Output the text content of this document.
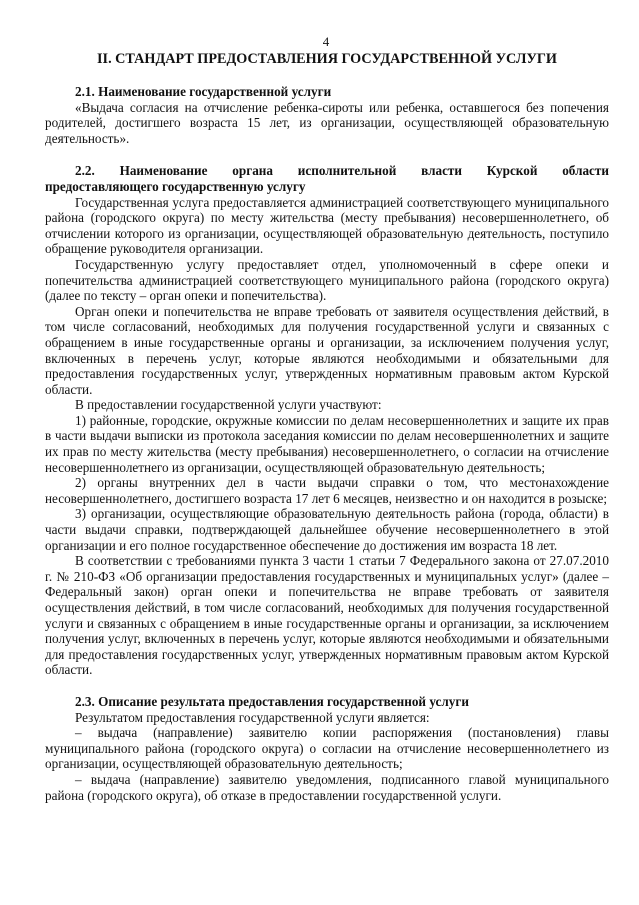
4
II. СТАНДАРТ ПРЕДОСТАВЛЕНИЯ ГОСУДАРСТВЕННОЙ УСЛУГИ
2.1. Наименование государственной услуги

«Выдача согласия на отчисление ребенка-сироты или ребенка, оставшегося без попечения родителей, достигшего возраста 15 лет, из организации, осуществляющей образовательную деятельность».

2.2. Наименование органа исполнительной власти Курской области
предоставляющего государственную услугу

Государственная услуга предоставляется администрацией соответствующего муниципального района (городского округа) по месту жительства (месту пребывания) несовершеннолетнего, об отчислении которого из организации, осуществляющей образовательную деятельность, поступило обращение руководителя организации.

Государственную услугу предоставляет отдел, уполномоченный в сфере опеки и попечительства администрацией соответствующего муниципального района (городского округа) (далее по тексту – орган опеки и попечительства).

Орган опеки и попечительства не вправе требовать от заявителя осуществления действий, в том числе согласований, необходимых для получения государственной услуги и связанных с обращением в иные государственные органы и организации, за исключением получения услуг, включенных в перечень услуг, которые являются необходимыми и обязательными для предоставления государственных услуг, утвержденных нормативным правовым актом Курской области.

В предоставлении государственной услуги участвуют:

1) районные, городские, окружные комиссии по делам несовершеннолетних и защите их прав в части выдачи выписки из протокола заседания комиссии по делам несовершеннолетних и защите их прав по месту жительства (месту пребывания) несовершеннолетнего, о согласии на отчисление несовершеннолетнего из организации, осуществляющей образовательную деятельность;

2) органы внутренних дел в части выдачи справки о том, что местонахождение несовершеннолетнего, достигшего возраста 17 лет 6 месяцев, неизвестно и он находится в розыске;

3) организации, осуществляющие образовательную деятельность района (города, области) в части выдачи справки, подтверждающей дальнейшее обучение несовершеннолетнего в этой организации и его полное государственное обеспечение до достижения им возраста 18 лет.

В соответствии с требованиями пункта 3 части 1 статьи 7 Федерального закона от 27.07.2010 г. № 210-ФЗ «Об организации предоставления государственных и муниципальных услуг» (далее – Федеральный закон) орган опеки и попечительства не вправе требовать от заявителя осуществления действий, в том числе согласований, необходимых для получения государственной услуги и связанных с обращением в иные государственные органы и организации, за исключением получения услуг, включенных в перечень услуг, которые являются необходимыми и обязательными для предоставления государственных услуг, утвержденных нормативным правовым актом Курской области.

2.3. Описание результата предоставления государственной услуги

Результатом предоставления государственной услуги является:

– выдача (направление) заявителю копии распоряжения (постановления) главы муниципального района (городского округа) о согласии на отчисление несовершеннолетнего из организации, осуществляющей образовательную деятельность;

– выдача (направление) заявителю уведомления, подписанного главой муниципального района (городского округа), об отказе в предоставлении государственной услуги.
